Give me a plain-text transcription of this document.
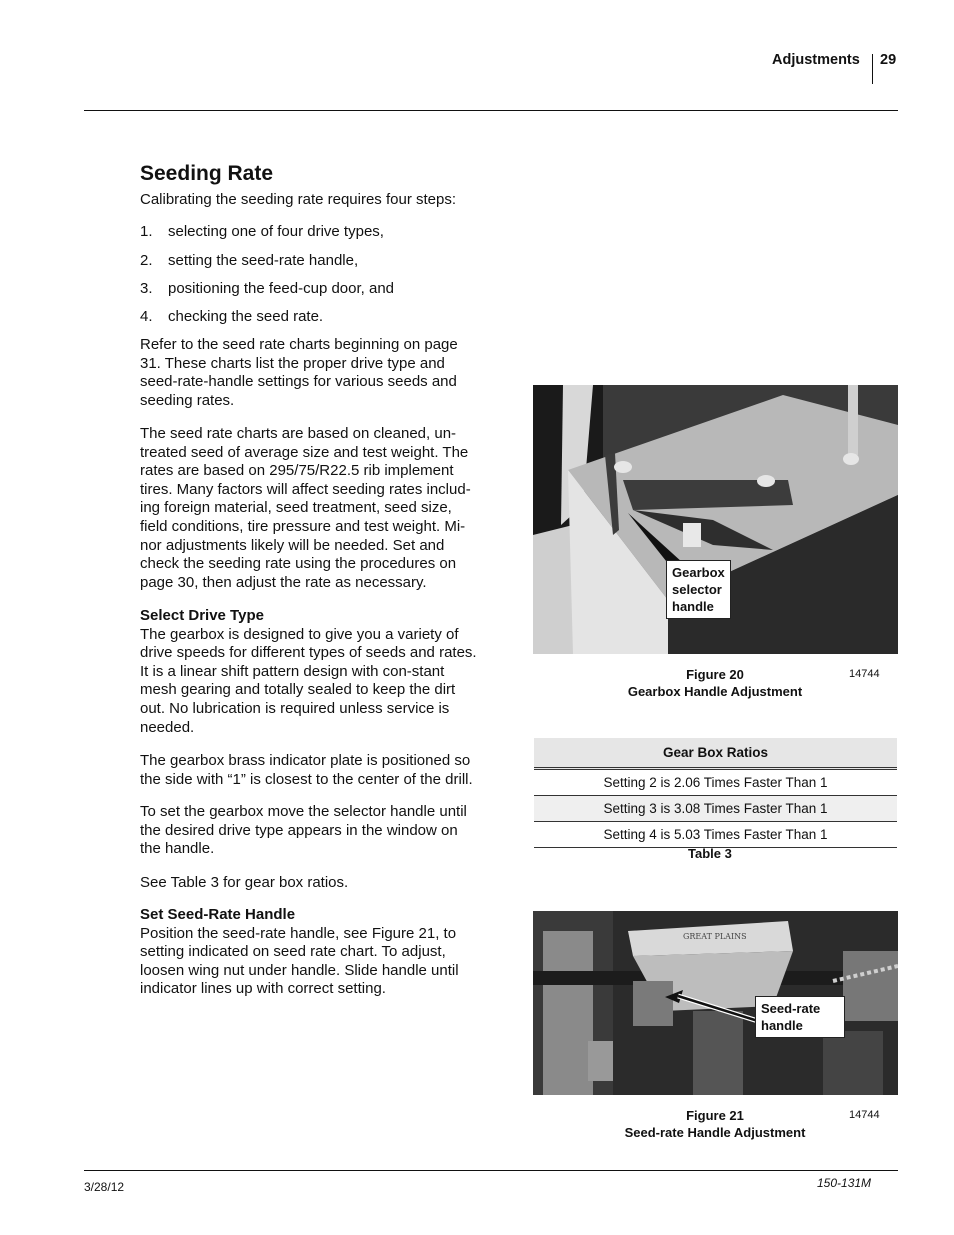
Adjustments 29
Seeding Rate

Calibrating the seeding rate requires four steps:

1. selecting one of four drive types,
2. setting the seed-rate handle,
3. positioning the feed-cup door, and
4. checking the seed rate.

Refer to the seed rate charts beginning on page 31. These charts list the proper drive type and seed-rate-handle settings for various seeds and seeding rates.

The seed rate charts are based on cleaned, un-treated seed of average size and test weight. The rates are based on 295/75/R22.5 rib implement tires. Many factors will affect seeding rates includ-ing foreign material, seed treatment, seed size, field conditions, tire pressure and test weight. Mi-nor adjustments likely will be needed. Set and check the seeding rate using the procedures on page 30, then adjust the rate as necessary.

Select Drive Type
The gearbox is designed to give you a variety of drive speeds for different types of seeds and rates. It is a linear shift pattern design with con-stant mesh gearing and totally sealed to keep the dirt out. No lubrication is required unless service is needed.

The gearbox brass indicator plate is positioned so the side with “1” is closest to the center of the drill.

To set the gearbox move the selector handle until the desired drive type appears in the window on the handle.

See Table 3 for gear box ratios.

Set Seed-Rate Handle
Position the seed-rate handle, see Figure 21, to setting indicated on seed rate chart. To adjust, loosen wing nut under handle. Slide handle until indicator lines up with correct setting.
Gearbox
selector
handle
Figure 20
Gearbox Handle Adjustment
14744
Gear Box Ratios
Setting 2 is 2.06 Times Faster Than 1
Setting 3 is 3.08 Times Faster Than 1
Setting 4 is 5.03 Times Faster Than 1
Table 3
GREAT PLAINS
Seed-rate
handle
Figure 21
Seed-rate Handle Adjustment
14744
3/28/12	150-131M
